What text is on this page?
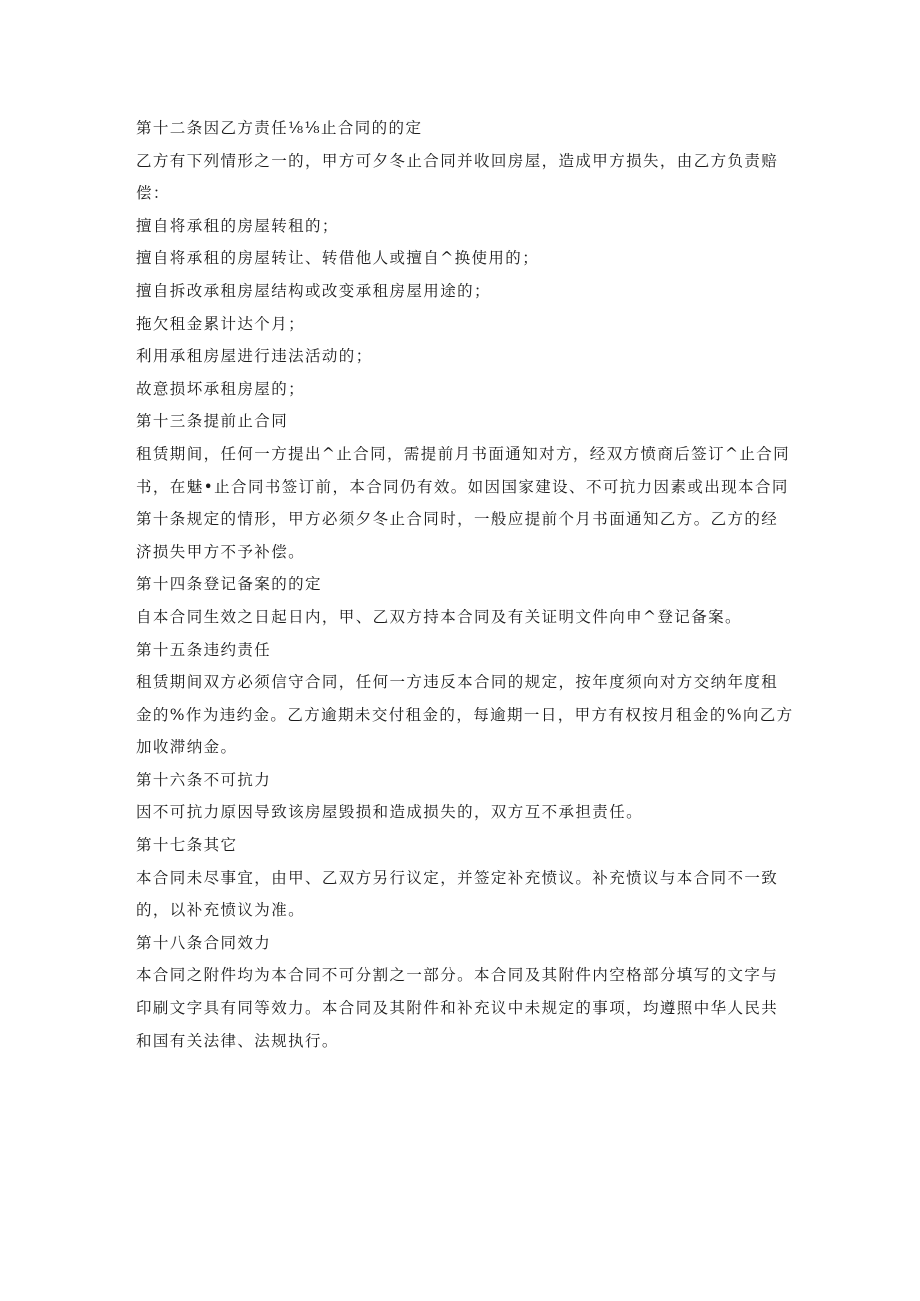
第十二条因乙方责任⅛⅛止合同的的定
乙方有下列情形之一的，甲方可夕冬止合同并收回房屋，造成甲方损失，由乙方负责赔
偿：
擅自将承租的房屋转租的；
擅自将承租的房屋转让、转借他人或擅自^换使用的；
擅自拆改承租房屋结构或改变承租房屋用途的；
拖欠租金累计达个月；
利用承租房屋进行违法活动的；
故意损坏承租房屋的；
第十三条提前止合同
租赁期间，任何一方提出^止合同，需提前月书面通知对方，经双方愤商后签订^止合同
书，在魅•止合同书签订前，本合同仍有效。如因国家建设、不可抗力因素或出现本合同
第十条规定的情形，甲方必须夕冬止合同时，一般应提前个月书面通知乙方。乙方的经
济损失甲方不予补偿。
第十四条登记备案的的定
自本合同生效之日起日内，甲、乙双方持本合同及有关证明文件向申^登记备案。
第十五条违约责任
租赁期间双方必须信守合同，任何一方违反本合同的规定，按年度须向对方交纳年度租
金的%作为违约金。乙方逾期未交付租金的，每逾期一日，甲方有权按月租金的%向乙方
加收滞纳金。
第十六条不可抗力
因不可抗力原因导致该房屋毁损和造成损失的，双方互不承担责任。
第十七条其它
本合同未尽事宜，由甲、乙双方另行议定，并签定补充愤议。补充愤议与本合同不一致
的，以补充愤议为准。
第十八条合同效力
本合同之附件均为本合同不可分割之一部分。本合同及其附件内空格部分填写的文字与
印刷文字具有同等效力。本合同及其附件和补充议中未规定的事项，均遵照中华人民共
和国有关法律、法规执行。
